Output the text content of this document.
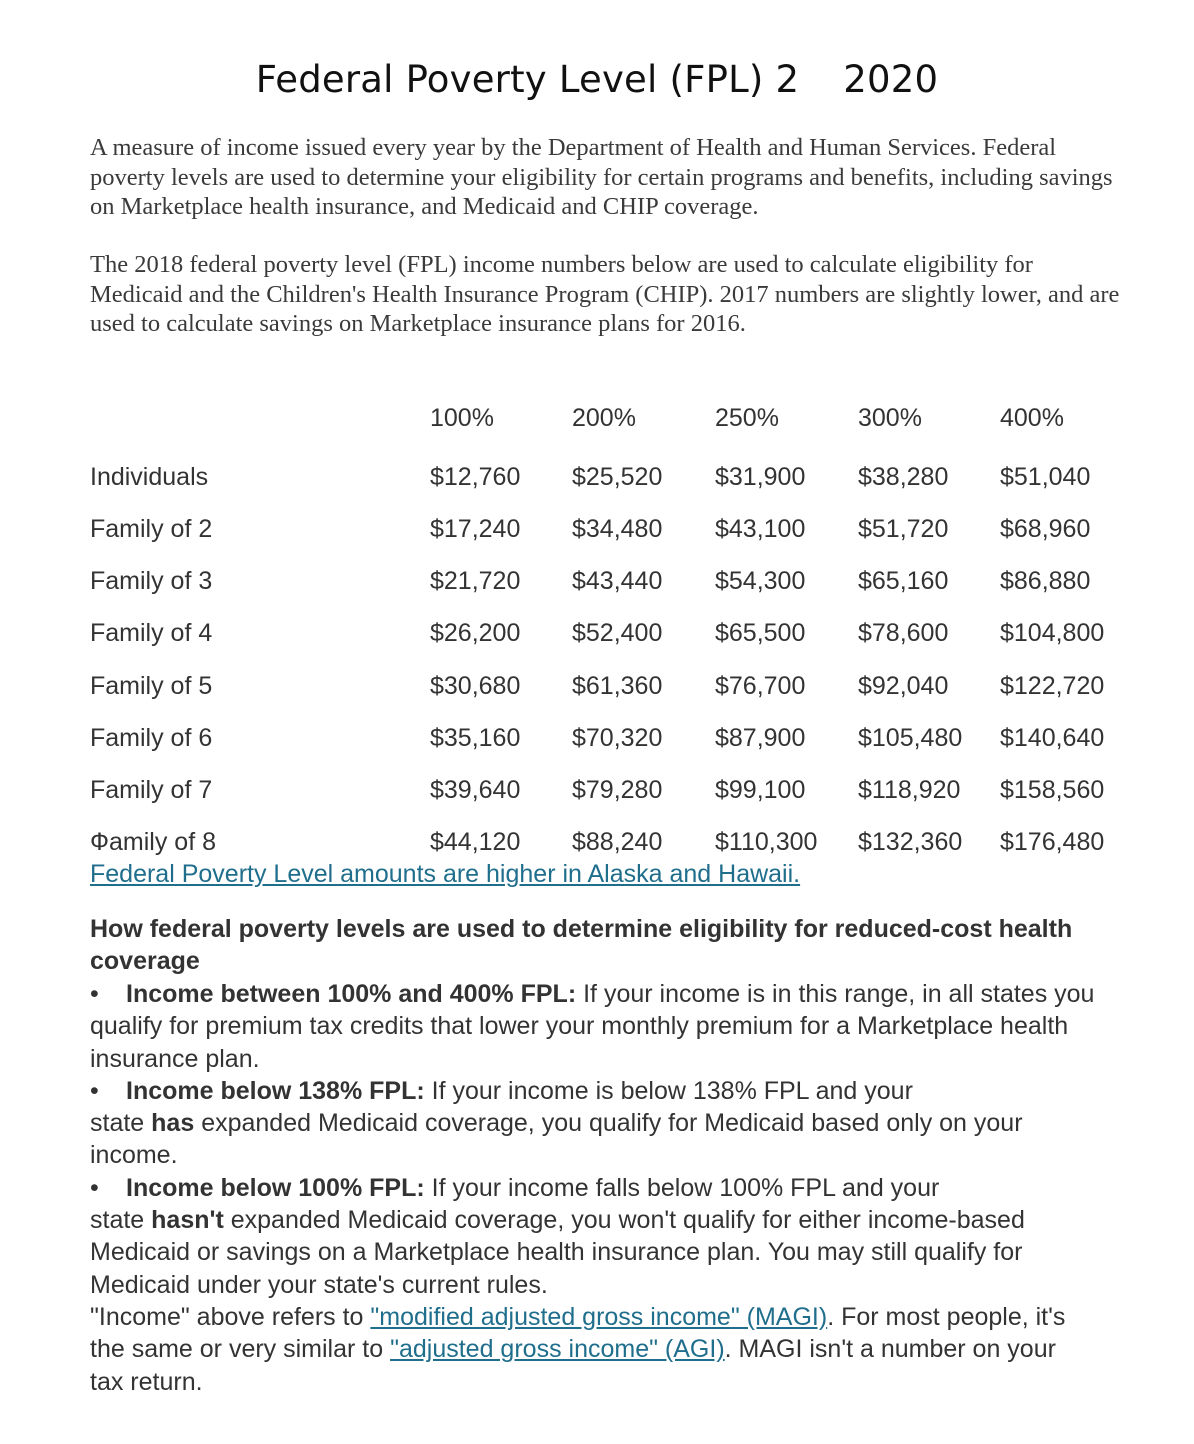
Federal Poverty Level (FPL) 2 2020
A measure of income issued every year by the Department of Health and Human Services. Federal poverty levels are used to determine your eligibility for certain programs and benefits, including savings on Marketplace health insurance, and Medicaid and CHIP coverage.
The 2018 federal poverty level (FPL) income numbers below are used to calculate eligibility for Medicaid and the Children's Health Insurance Program (CHIP). 2017 numbers are slightly lower, and are used to calculate savings on Marketplace insurance plans for 2016.
100%	200%	250%	300%	400%
Individuals	$12,760 $25,520 $31,900 $38,280 $51,040
Family of 2	$17,240 $34,480 $43,100 $51,720 $68,960
Family of 3	$21,720 $43,440 $54,300 $65,160 $86,880
Family of 4	$26,200 $52,400 $65,500 $78,600 $104,800
Family of 5	$30,680 $61,360 $76,700 $92,040 $122,720
Family of 6	$35,160 $70,320 $87,900 $105,480 $140,640
Family of 7	$39,640 $79,280 $99,100 $118,920 $158,560
Фamily of 8	$44,120 $88,240 $110,300 $132,360 $176,480
Federal Poverty Level amounts are higher in Alaska and Hawaii.
How federal poverty levels are used to determine eligibility for reduced-cost health coverage
• Income between 100% and 400% FPL: If your income is in this range, in all states you
qualify for premium tax credits that lower your monthly premium for a Marketplace health
insurance plan.
• Income below 138% FPL: If your income is below 138% FPL and your
state has expanded Medicaid coverage, you qualify for Medicaid based only on your
income.
• Income below 100% FPL: If your income falls below 100% FPL and your
state hasn't expanded Medicaid coverage, you won't qualify for either income-based
Medicaid or savings on a Marketplace health insurance plan. You may still qualify for
Medicaid under your state's current rules.
"Income" above refers to "modified adjusted gross income" (MAGI). For most people, it's
the same or very similar to "adjusted gross income" (AGI). MAGI isn't a number on your
tax return.
